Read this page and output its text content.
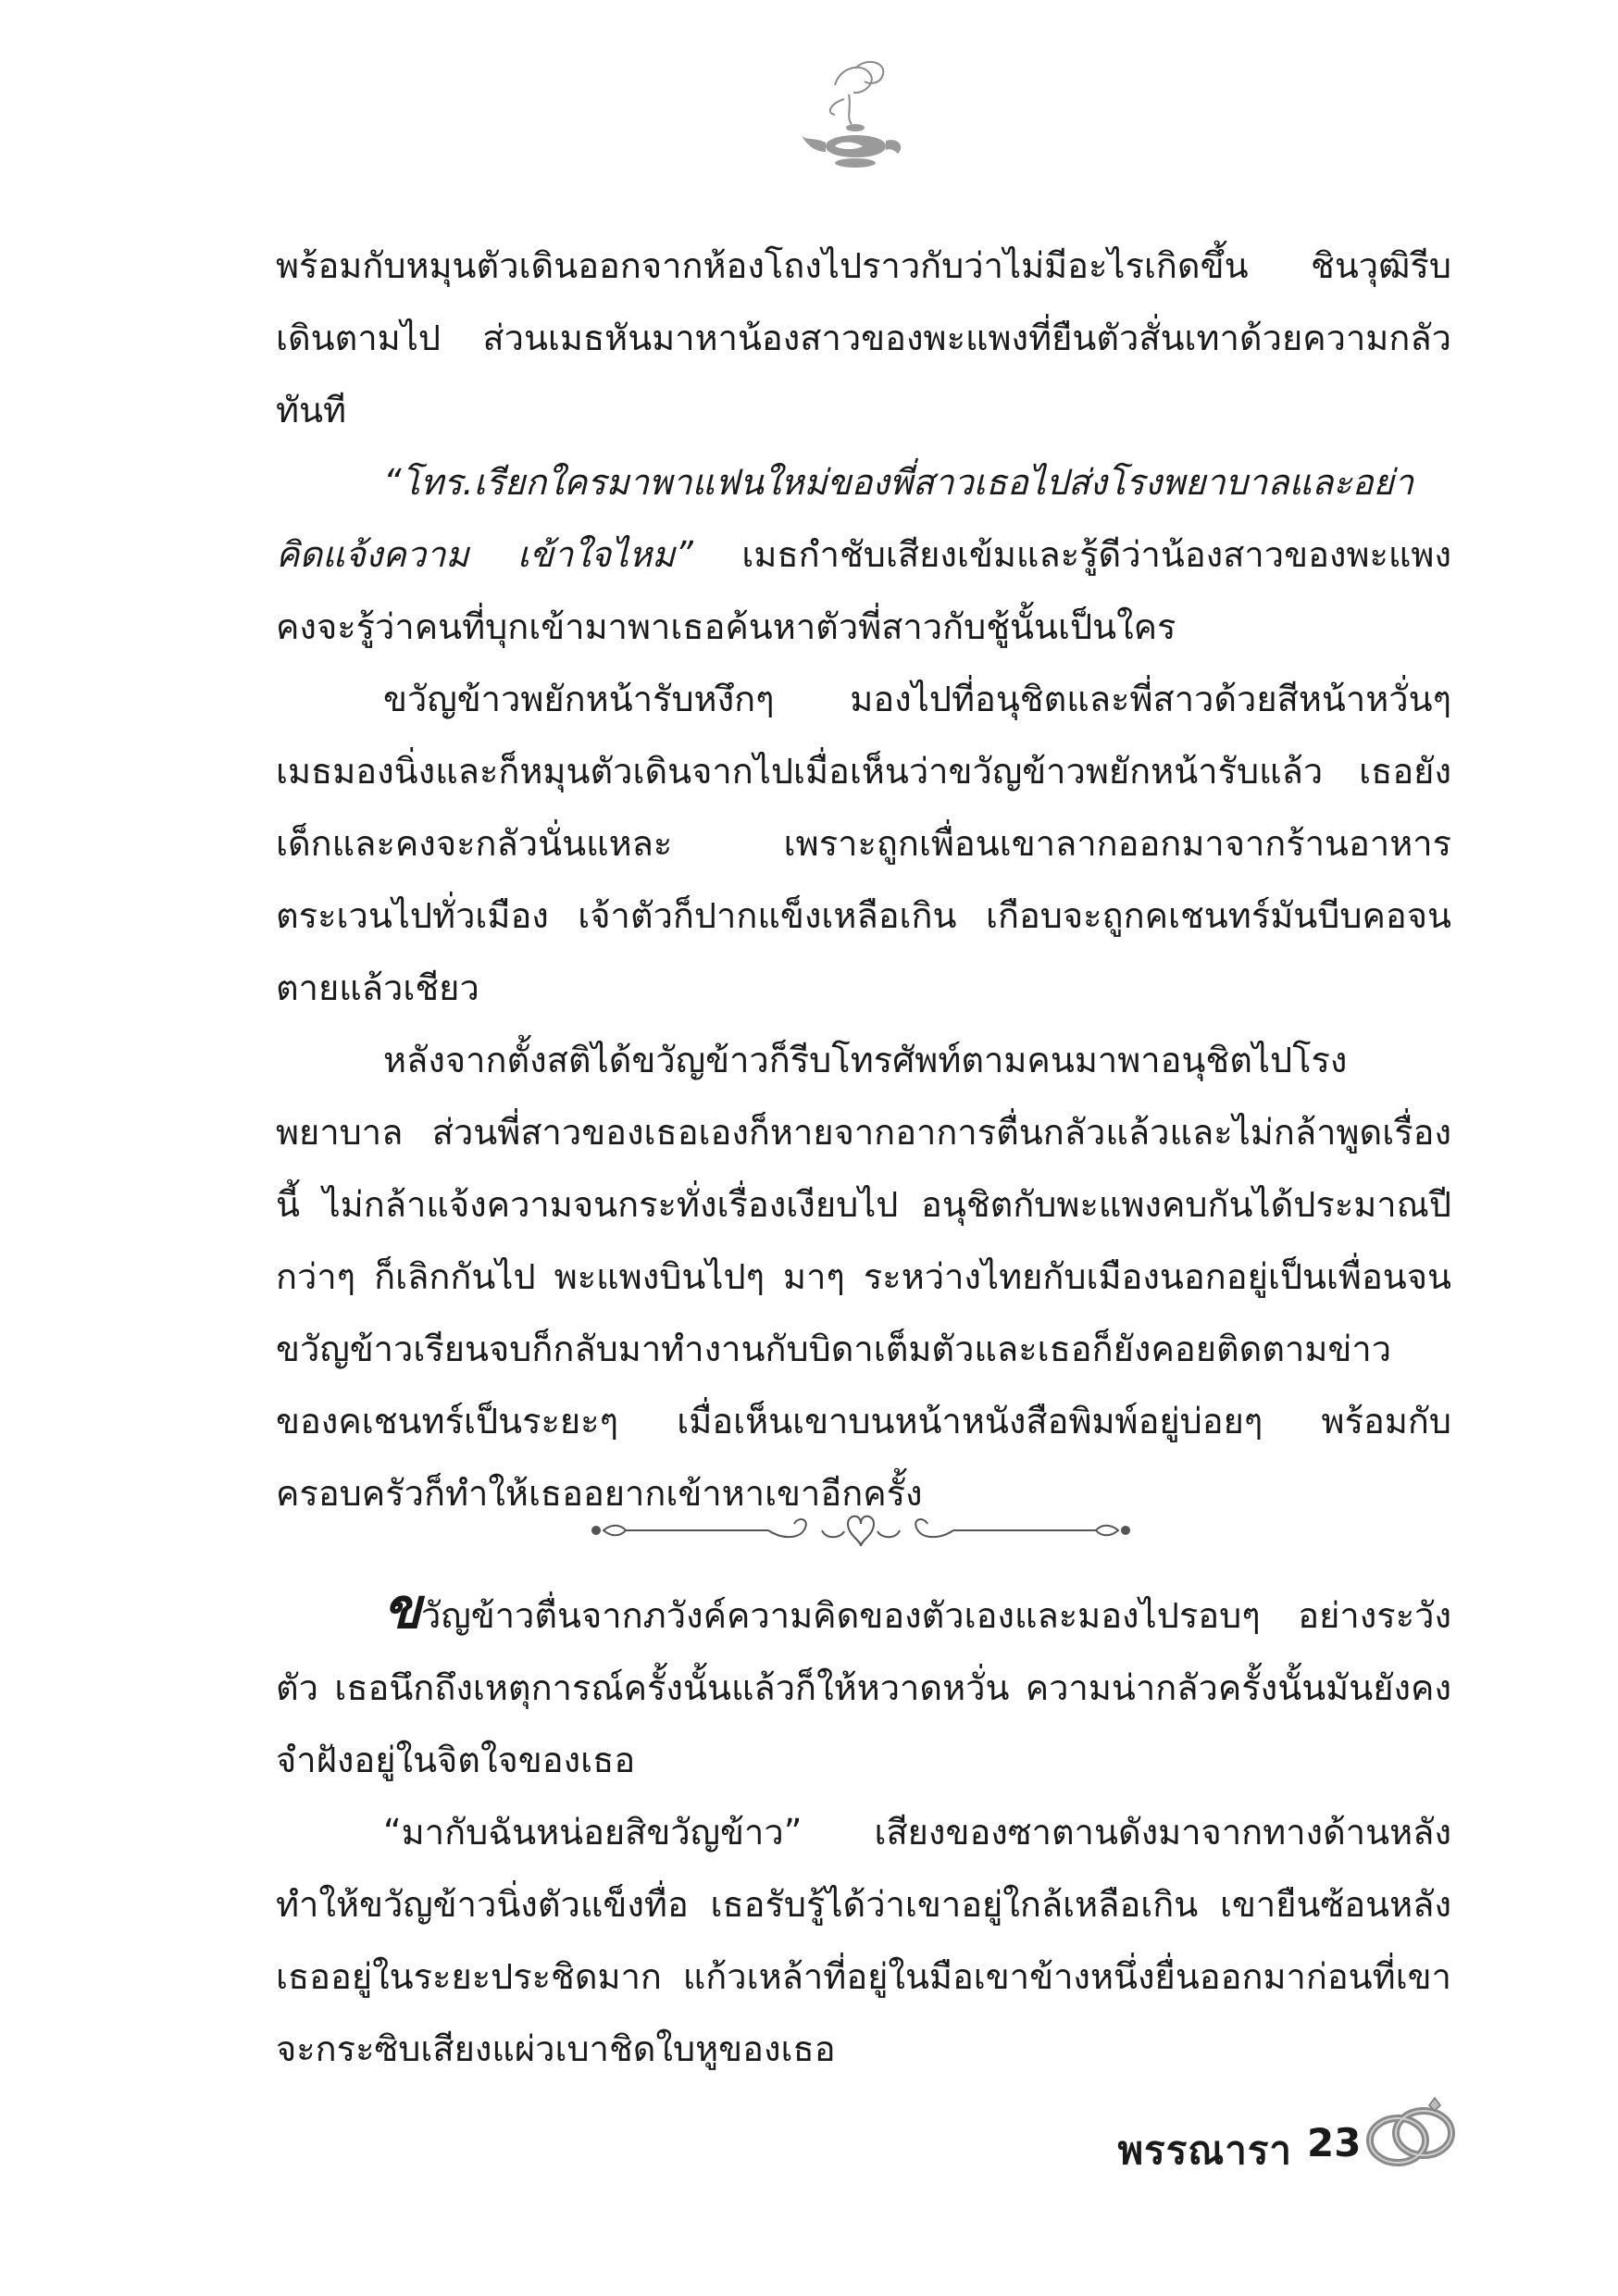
พร้อมกับหมุนตัวเดินออกจากห้องโถงไปราวกับว่าไม่มีอะไรเกิดขึ้น ชินวุฒิรีบเดินตามไป ส่วนเมธหันมาหาน้องสาวของพะแพงที่ยืนตัวสั่นเทาด้วยความกลัวทันที

“โทร.เรียกใครมาพาแฟนใหม่ของพี่สาวเธอไปส่งโรงพยาบาลและอย่าคิดแจ้งความ เข้าใจไหม” เมธกำชับเสียงเข้มและรู้ดีว่าน้องสาวของพะแพงคงจะรู้ว่าคนที่บุกเข้ามาพาเธอค้นหาตัวพี่สาวกับชู้นั้นเป็นใคร

ขวัญข้าวพยักหน้ารับหงึกๆ มองไปที่อนุชิตและพี่สาวด้วยสีหน้าหวั่นๆ เมธมองนิ่งและก็หมุนตัวเดินจากไปเมื่อเห็นว่าขวัญข้าวพยักหน้ารับแล้ว เธอยังเด็กและคงจะกลัวนั่นแหละ เพราะถูกเพื่อนเขาลากออกมาจากร้านอาหารตระเวนไปทั่วเมือง เจ้าตัวก็ปากแข็งเหลือเกิน เกือบจะถูกคเชนทร์มันบีบคอจนตายแล้วเชียว

หลังจากตั้งสติได้ขวัญข้าวก็รีบโทรศัพท์ตามคนมาพาอนุชิตไปโรงพยาบาล ส่วนพี่สาวของเธอเองก็หายจากอาการตื่นกลัวแล้วและไม่กล้าพูดเรื่องนี้ ไม่กล้าแจ้งความจนกระทั่งเรื่องเงียบไป อนุชิตกับพะแพงคบกันได้ประมาณปีกว่าๆ ก็เลิกกันไป พะแพงบินไปๆ มาๆ ระหว่างไทยกับเมืองนอกอยู่เป็นเพื่อนจนขวัญข้าวเรียนจบก็กลับมาทำงานกับบิดาเต็มตัวและเธอก็ยังคอยติดตามข่าวของคเชนทร์เป็นระยะๆ เมื่อเห็นเขาบนหน้าหนังสือพิมพ์อยู่บ่อยๆ พร้อมกับครอบครัวก็ทำให้เธออยากเข้าหาเขาอีกครั้ง

ขวัญข้าวตื่นจากภวังค์ความคิดของตัวเองและมองไปรอบๆ อย่างระวังตัว เธอนึกถึงเหตุการณ์ครั้งนั้นแล้วก็ให้หวาดหวั่น ความน่ากลัวครั้งนั้นมันยังคงจำฝังอยู่ในจิตใจของเธอ

“มากับฉันหน่อยสิขวัญข้าว” เสียงของซาตานดังมาจากทางด้านหลังทำให้ขวัญข้าวนิ่งตัวแข็งทื่อ เธอรับรู้ได้ว่าเขาอยู่ใกล้เหลือเกิน เขายืนซ้อนหลังเธออยู่ในระยะประชิดมาก แก้วเหล้าที่อยู่ในมือเขาข้างหนึ่งยื่นออกมาก่อนที่เขาจะกระซิบเสียงแผ่วเบาชิดใบหูของเธอ

พรรณารา 23
